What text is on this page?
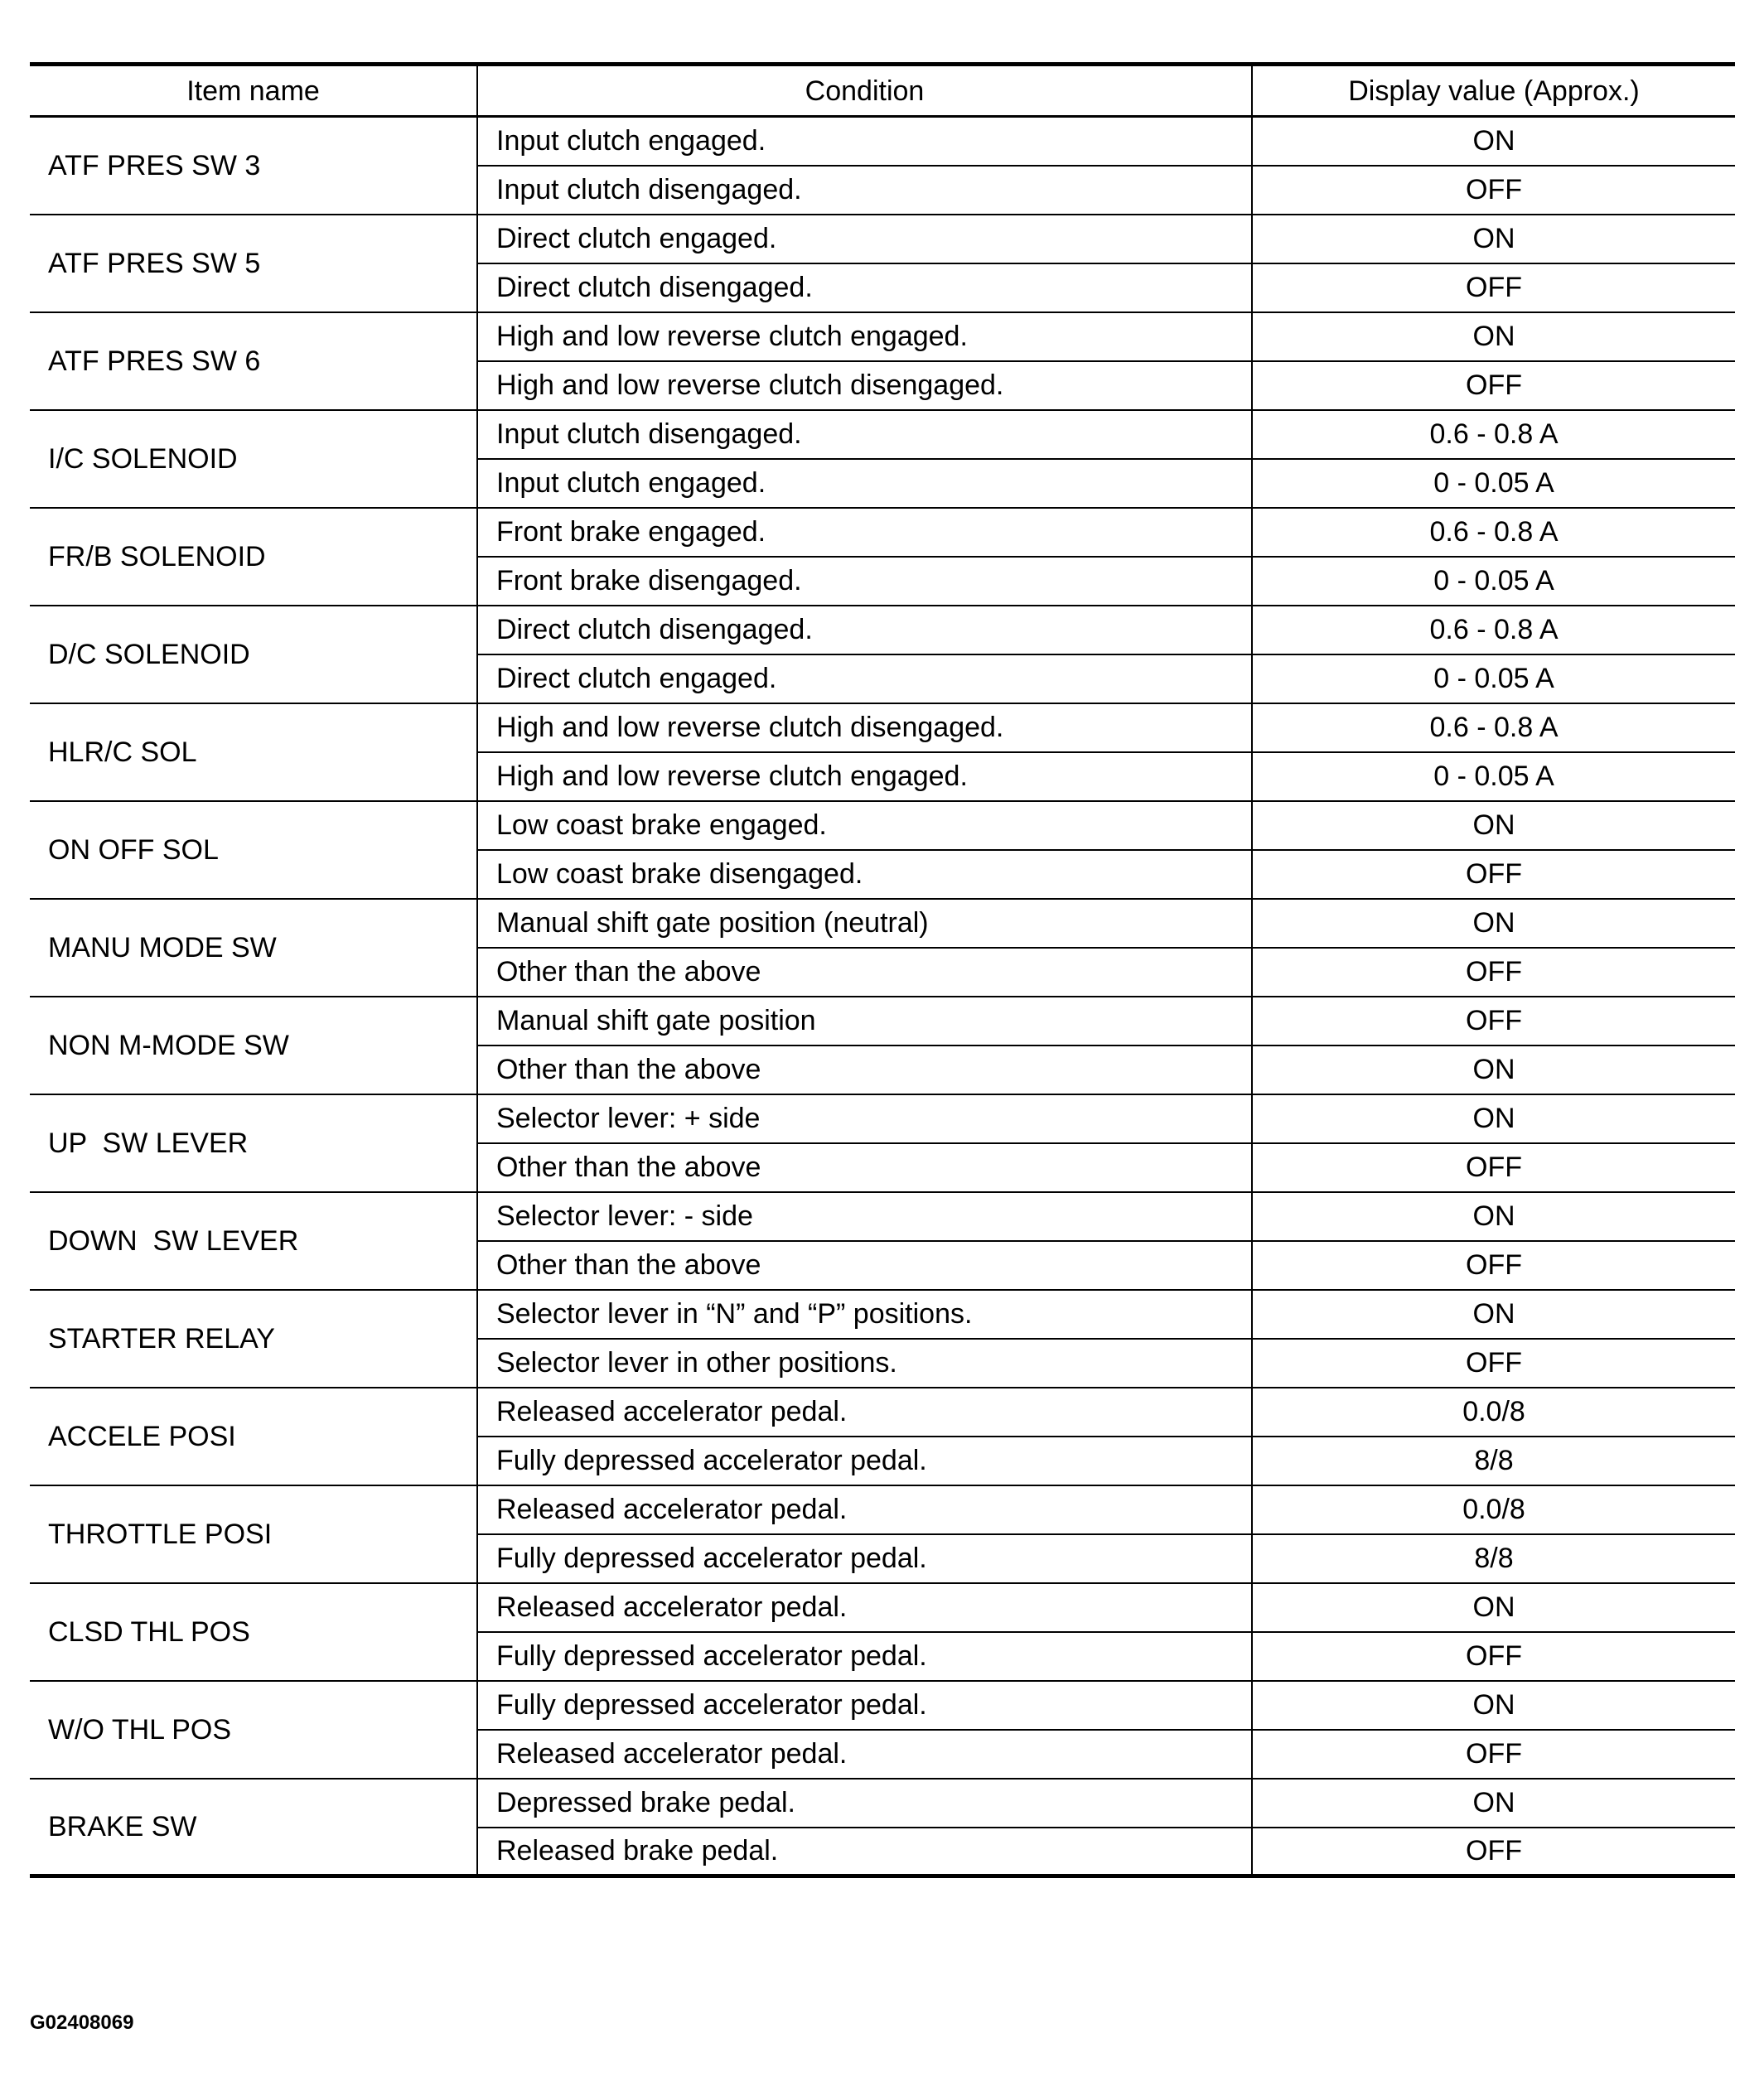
Item name	Condition	Display value (Approx.)
ATF PRES SW 3	Input clutch engaged.	ON
	Input clutch disengaged.	OFF
ATF PRES SW 5	Direct clutch engaged.	ON
	Direct clutch disengaged.	OFF
ATF PRES SW 6	High and low reverse clutch engaged.	ON
	High and low reverse clutch disengaged.	OFF
I/C SOLENOID	Input clutch disengaged.	0.6 - 0.8 A
	Input clutch engaged.	0 - 0.05 A
FR/B SOLENOID	Front brake engaged.	0.6 - 0.8 A
	Front brake disengaged.	0 - 0.05 A
D/C SOLENOID	Direct clutch disengaged.	0.6 - 0.8 A
	Direct clutch engaged.	0 - 0.05 A
HLR/C SOL	High and low reverse clutch disengaged.	0.6 - 0.8 A
	High and low reverse clutch engaged.	0 - 0.05 A
ON OFF SOL	Low coast brake engaged.	ON
	Low coast brake disengaged.	OFF
MANU MODE SW	Manual shift gate position (neutral)	ON
	Other than the above	OFF
NON M-MODE SW	Manual shift gate position	OFF
	Other than the above	ON
UP  SW LEVER	Selector lever: + side	ON
	Other than the above	OFF
DOWN  SW LEVER	Selector lever: - side	ON
	Other than the above	OFF
STARTER RELAY	Selector lever in “N” and “P” positions.	ON
	Selector lever in other positions.	OFF
ACCELE POSI	Released accelerator pedal.	0.0/8
	Fully depressed accelerator pedal.	8/8
THROTTLE POSI	Released accelerator pedal.	0.0/8
	Fully depressed accelerator pedal.	8/8
CLSD THL POS	Released accelerator pedal.	ON
	Fully depressed accelerator pedal.	OFF
W/O THL POS	Fully depressed accelerator pedal.	ON
	Released accelerator pedal.	OFF
BRAKE SW	Depressed brake pedal.	ON
	Released brake pedal.	OFF
G02408069
